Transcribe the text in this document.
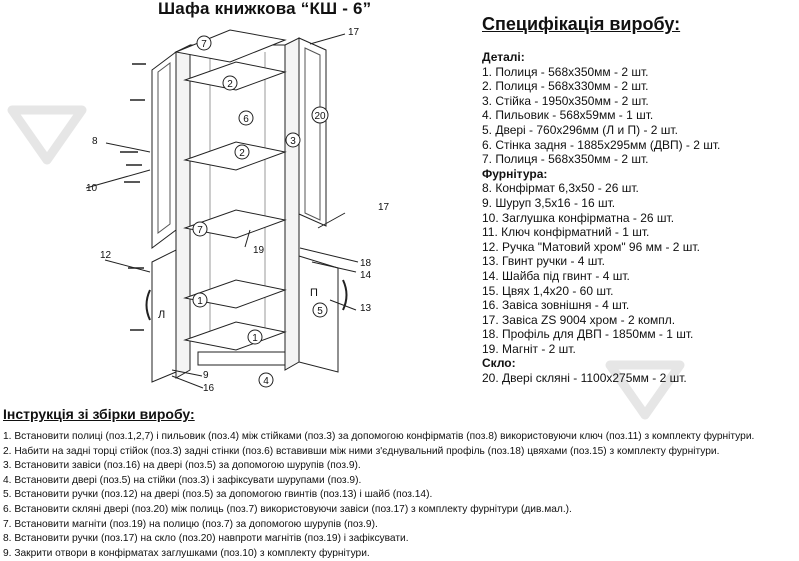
Шафа книжкова “КШ - 6”
7
2
6
2
3
20
7
1
1
5
4
17
8
10
17
12	19
18
14
13
9
16
Л
П
Специфікація виробу:
Деталі:
1. Полиця - 568х350мм - 2 шт.
2. Полиця - 568х330мм - 2 шт.
3. Стійка - 1950х350мм - 2 шт.
4. Пильовик - 568х59мм - 1 шт.
5. Двері - 760х296мм (Л и П) - 2 шт.
6. Стінка задня - 1885х295мм (ДВП) - 2 шт.
7. Полиця - 568х350мм - 2 шт.
Фурнітура:
8. Конфірмат 6,3х50 - 26 шт.
9. Шуруп 3,5х16 - 16 шт.
10. Заглушка конфірматна - 26 шт.
11. Ключ конфірматний - 1 шт.
12. Ручка "Матовий хром" 96 мм - 2 шт.
13. Гвинт ручки - 4 шт.
14. Шайба під гвинт - 4 шт.
15. Цвях 1,4х20 - 60 шт.
16. Завіса зовнішня - 4 шт.
17. Завіса ZS 9004 хром - 2 компл.
18. Профіль для ДВП - 1850мм - 1 шт.
19. Магніт - 2 шт.
Скло:
20. Двері скляні - 1100х275мм - 2 шт.
Інструкція зі збірки виробу:
1. Встановити полиці (поз.1,2,7) і пильовик (поз.4) між стійками (поз.3) за допомогою конфірматів (поз.8) використовуючи ключ (поз.11) з комплекту фурнітури.
2. Набити на задні торці стійок (поз.3) задні стінки (поз.6) вставивши між ними з'єднувальний профіль (поз.18) цвяхами (поз.15) з комплекту фурнітури.
3. Встановити завіси (поз.16) на двері (поз.5) за допомогою шурупів (поз.9).
4. Встановити двері (поз.5) на стійки (поз.3) і зафіксувати шурупами (поз.9).
5. Встановити ручки (поз.12) на двері (поз.5) за допомогою гвинтів (поз.13) і шайб (поз.14).
6. Встановити скляні двері (поз.20) між полиць (поз.7) використовуючи завіси (поз.17) з комплекту фурнітури (див.мал.).
7. Встановити магніти (поз.19) на полицю (поз.7) за допомогою шурупів (поз.9).
8. Встановити ручки (поз.17) на скло (поз.20) навпроти магнітів (поз.19) і зафіксувати.
9. Закрити отвори в конфірматах заглушками (поз.10) з комплекту фурнітури.
